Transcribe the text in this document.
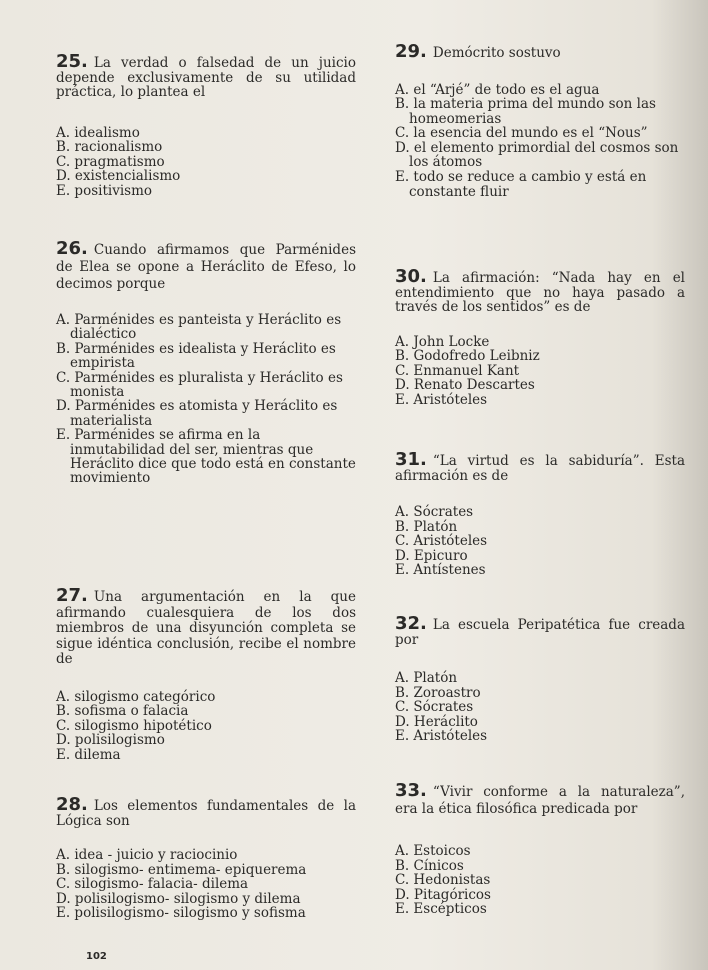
25. La verdad o falsedad de un juicio depende exclusivamente de su utilidad práctica, lo plantea el
A. idealismo
B. racionalismo
C. pragmatismo
D. existencialismo
E. positivismo
26. Cuando afirmamos que Parménides de Elea se opone a Heráclito de Efeso, lo decimos porque
A. Parménides es panteista y Heráclito es dialéctico
B. Parménides es idealista y Heráclito es empirista
C. Parménides es pluralista y Heráclito es monista
D. Parménides es atomista y Heráclito es materialista
E. Parménides se afirma en la inmutabilidad del ser, mientras que Heráclito dice que todo está en constante movimiento
27. Una argumentación en la que afirmando cualesquiera de los dos miembros de una disyunción completa se sigue idéntica conclusión, recibe el nombre de
A. silogismo categórico
B. sofisma o falacia
C. silogismo hipotético
D. polisilogismo
E. dilema
28. Los elementos fundamentales de la Lógica son
A. idea - juicio y raciocinio
B. silogismo- entimema- epiquerema
C. silogismo- falacia- dilema
D. polisilogismo- silogismo y dilema
E. polisilogismo- silogismo y sofisma
29. Demócrito sostuvo
A. el “Arjé” de todo es el agua
B. la materia prima del mundo son las homeomerias
C. la esencia del mundo es el “Nous”
D. el elemento primordial del cosmos son los átomos
E. todo se reduce a cambio y está en constante fluir
30. La afirmación: “Nada hay en el entendimiento que no haya pasado a través de los sentidos” es de
A. John Locke
B. Godofredo Leibniz
C. Enmanuel Kant
D. Renato Descartes
E. Aristóteles
31. “La virtud es la sabiduría”. Esta afirmación es de
A. Sócrates
B. Platón
C. Aristóteles
D. Epicuro
E. Antístenes
32. La escuela Peripatética fue creada por
A. Platón
B. Zoroastro
C. Sócrates
D. Heráclito
E. Aristóteles
33. “Vivir conforme a la naturaleza”, era la ética filosófica predicada por
A. Estoicos
B. Cínicos
C. Hedonistas
D. Pitagóricos
E. Escépticos
102
